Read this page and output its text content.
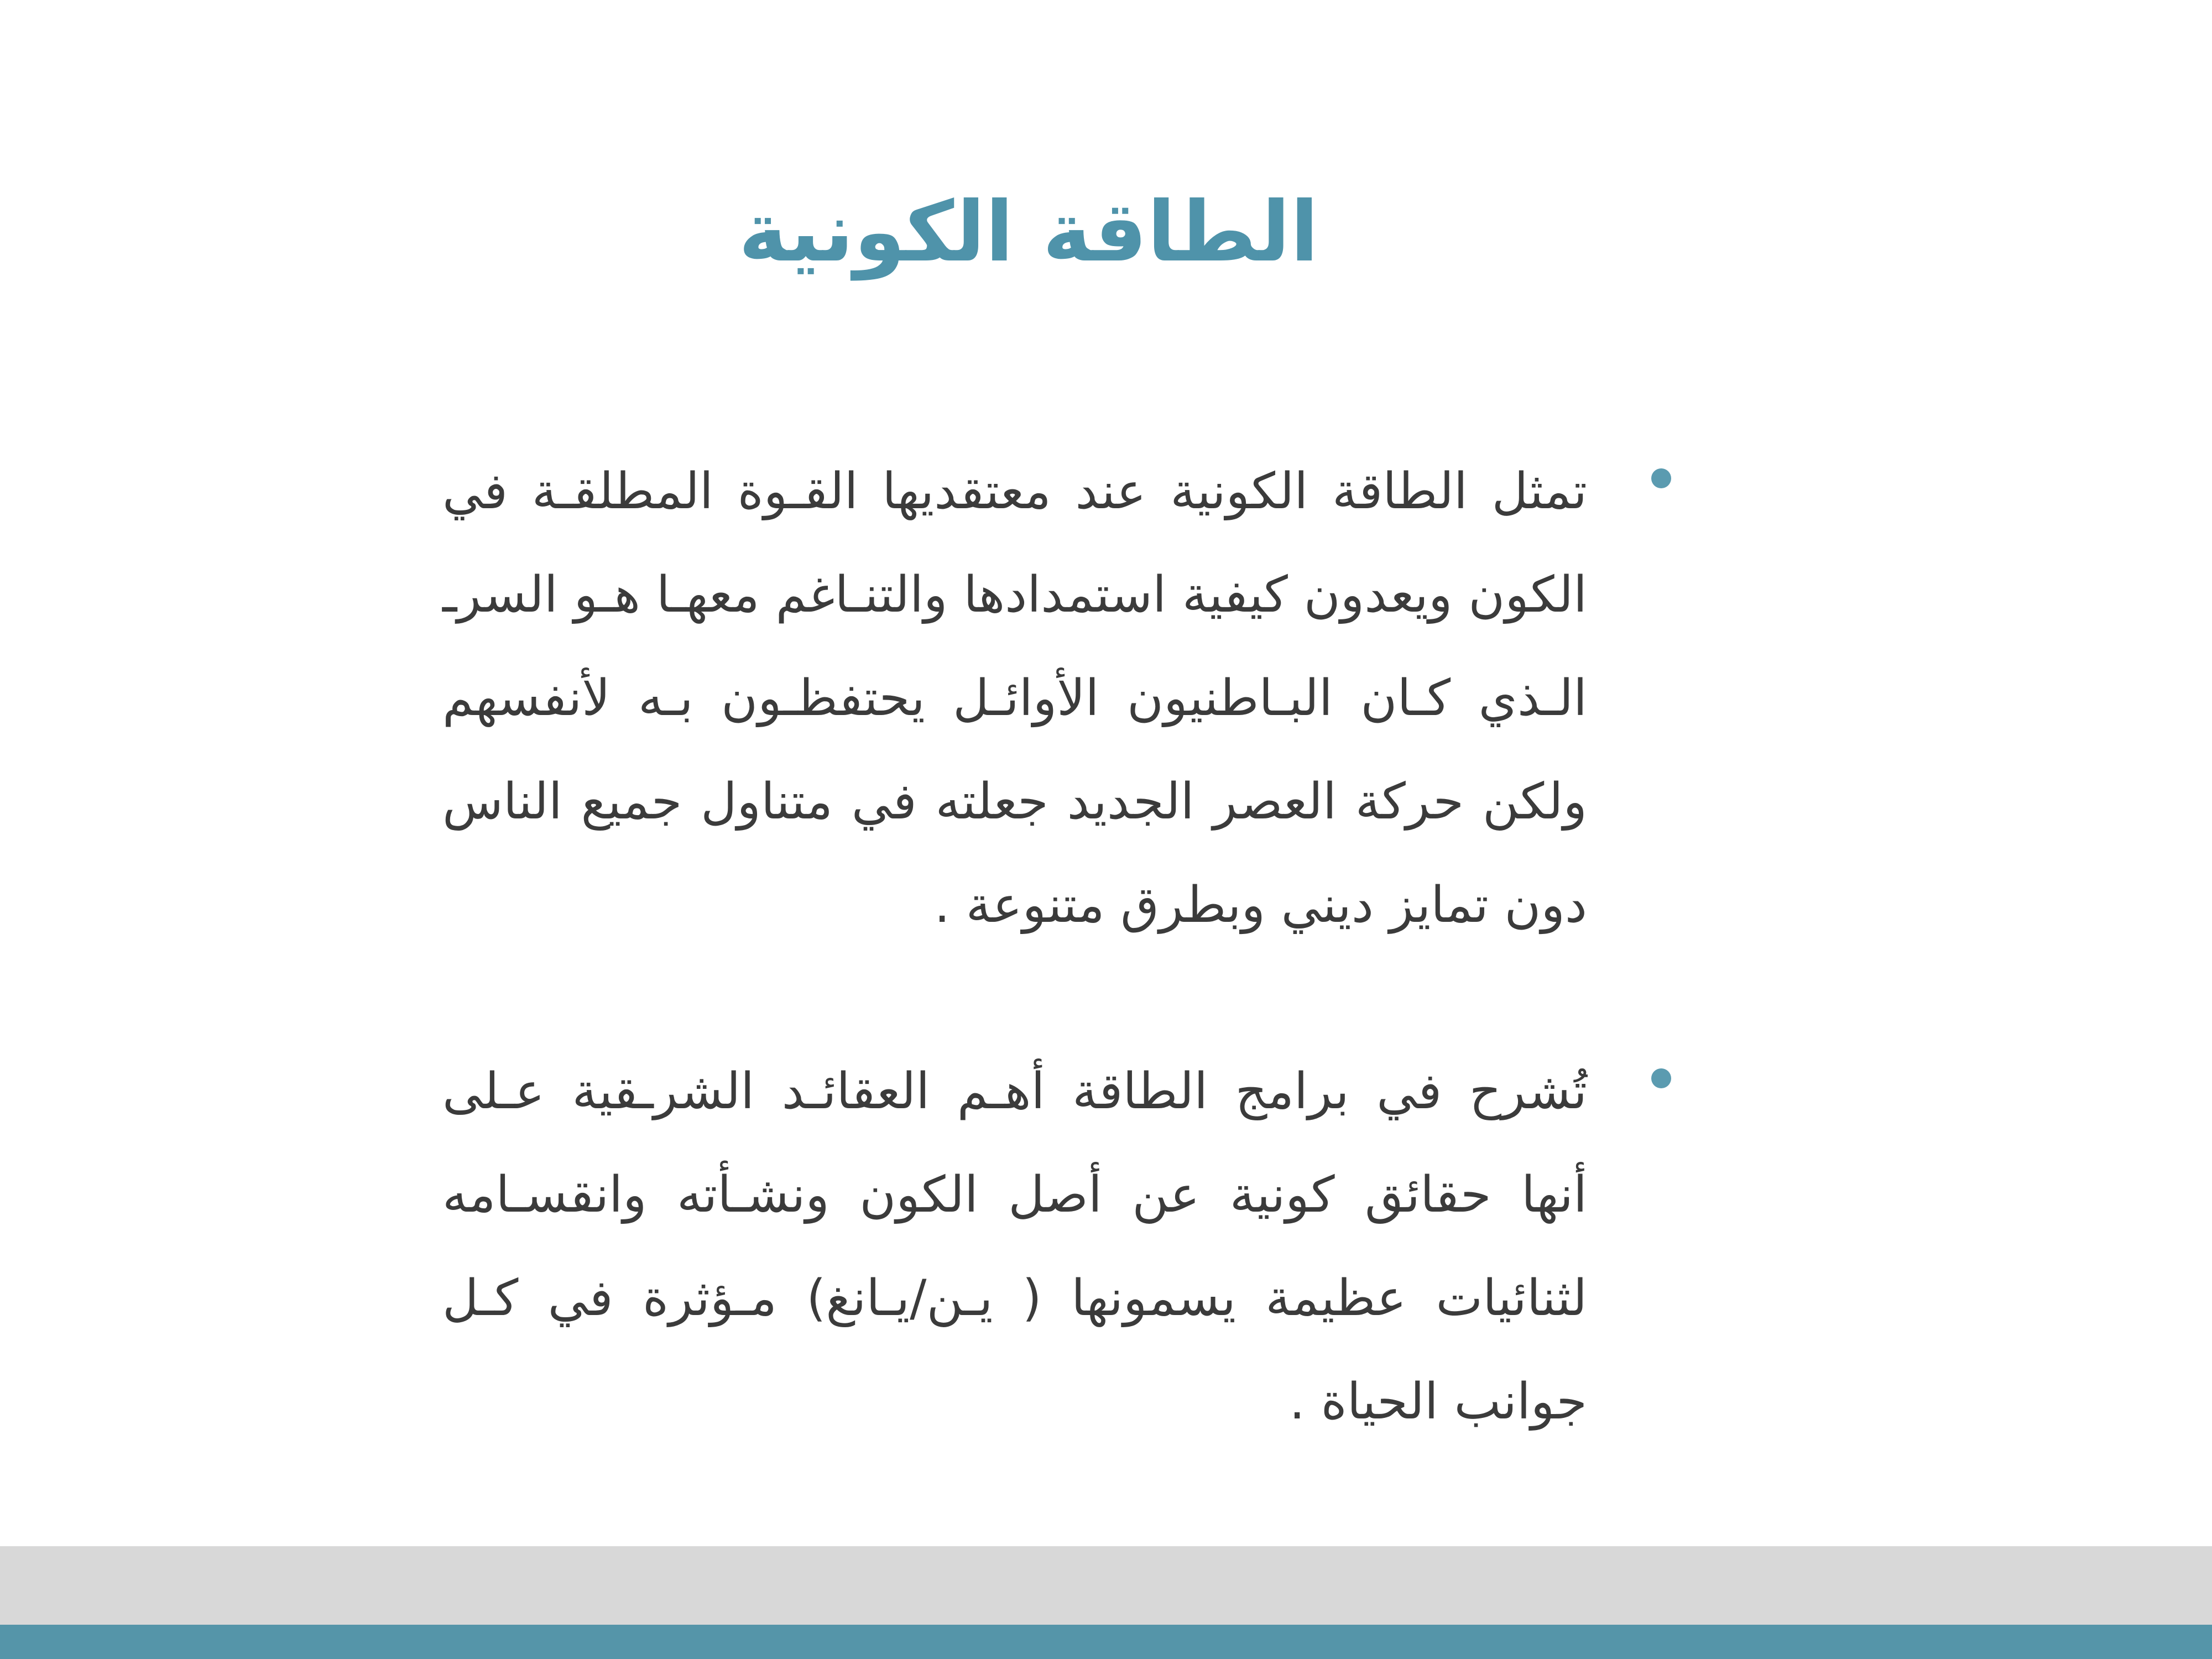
الطاقة الكونية
تمثل الطاقة الكونية عند معتقديها القـوة المطلقـة في الكون ويعدون كيفية استمدادها والتنـاغم معهـا هـو السرـ الـذي كـان البـاطنيون الأوائـل يحتفظـون بـه لأنفسهم ولكن حركة العصر الجديد جعلته في متناول جميع الناس دون تمايز ديني وبطرق متنوعة .
تُشرح في برامج الطاقة أهـم العقائـد الشرـقية عـلى أنها حقائق كونية عن أصل الكون ونشـأته وانقسـامه لثنائيات عظيمة يسمونها ( يـن/يـانغ) مـؤثرة في كـل جوانب الحياة .
